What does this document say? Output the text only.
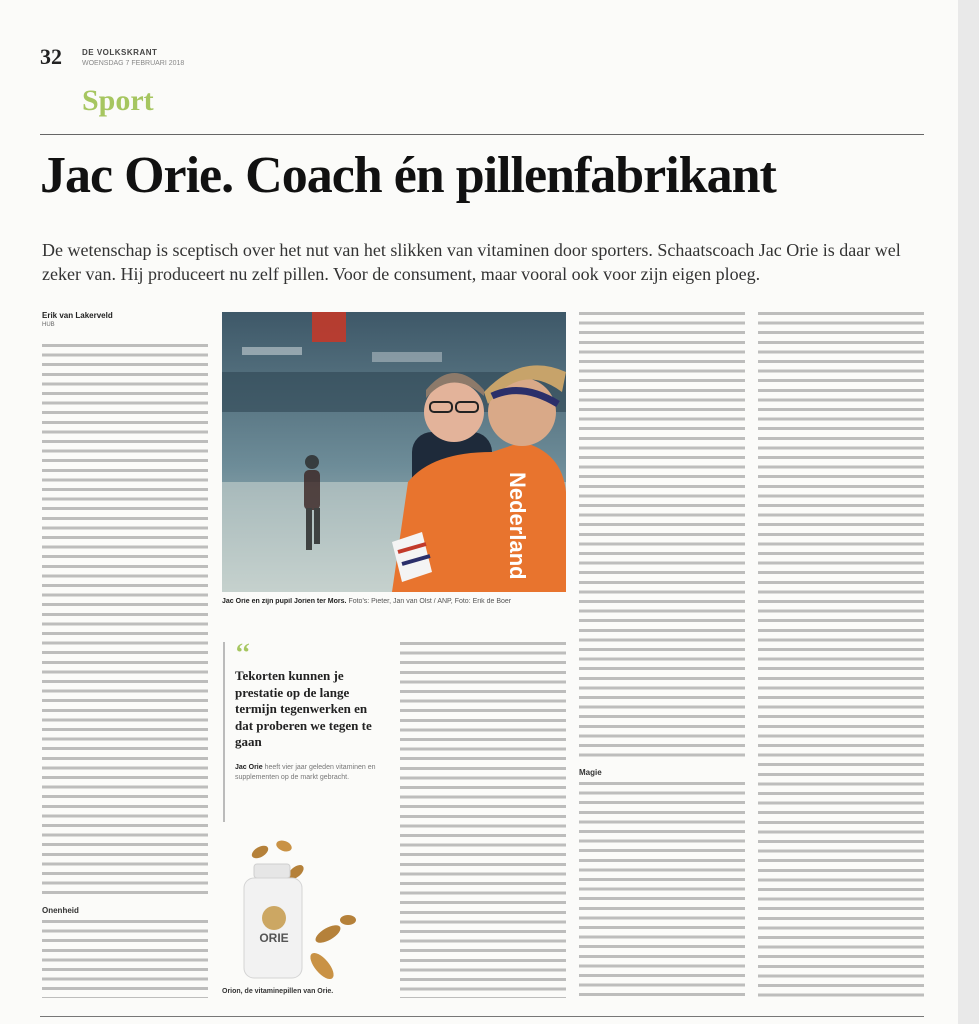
32	DE VOLKSKRANT
WOENSDAG 7 FEBRUARI 2018
Sport
Jac Orie. Coach én pillenfabrikant
De wetenschap is sceptisch over het nut van het slikken van vitaminen door sporters. Schaatscoach Jac Orie is daar wel zeker van. Hij produceert nu zelf pillen. Voor de consument, maar vooral ook voor zijn eigen ploeg.
Erik van Lakerveld
HUB

Onenheid

Magie

Nederland
Jac Orie en zijn pupil Jorien ter Mors. Foto's: Pieter, Jan van Olst / ANP, Foto: Erik de Boer
‘‘
Tekorten kunnen je prestatie op de lange termijn tegenwerken en dat proberen we tegen te gaan
Jac Orie heeft vier jaar geleden vitaminen en supplementen op de markt gebracht.
ORIE
Orion, de vitaminepillen van Orie.
